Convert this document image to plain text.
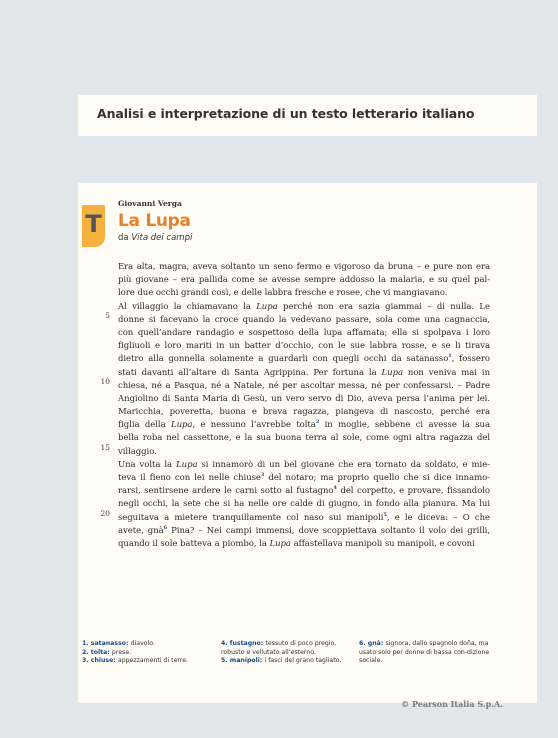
Analisi e interpretazione di un testo letterario italiano
T
Giovanni Verga
La Lupa
da Vita dei campi
5
10
15
20
Era alta, magra, aveva soltanto un seno fermo e vigoroso da bruna – e pure non era
più giovane – era pallida come se avesse sempre addosso la malaria, e su quel pal-
lore due occhi grandi così, e delle labbra fresche e rosee, che vi mangiavano.
Al villaggio la chiamavano la Lupa perché non era sazia giammai – di nulla. Le
donne si facevano la croce quando la vedevano passare, sola come una cagnaccia,
con quell’andare randagio e sospettoso della lupa affamata; ella si spolpava i loro
figliuoli e loro mariti in un batter d’occhio, con le sue labbra rosse, e se li tirava
dietro alla gonnella solamente a guardarli con quegli occhi da satanasso$^1$, fossero
stati davanti all’altare di Santa Agrippina. Per fortuna la Lupa non veniva mai in
chiesa, né a Pasqua, né a Natale, né per ascoltar messa, né per confessarsi. – Padre
Angiolino di Santa Maria di Gesù, un vero servo di Dio, aveva persa l’anima per lei.
Maricchia, poveretta, buona e brava ragazza, piangeva di nascosto, perché era
figlia della Lupa, e nessuno l’avrebbe tolta$^2$ in moglie, sebbene ci avesse la sua
bella roba nel cassettone, e la sua buona terra al sole, come ogni altra ragazza del
villaggio.
Una volta la Lupa si innamorò di un bel giovane che era tornato da soldato, e mie-
teva il fieno con lei nelle chiuse$^3$ del notaro; ma proprio quello che si dice innamo-
rarsi, sentirsene ardere le carni sotto al fustagno$^4$ del corpetto, e provare, fissandolo
negli occhi, la sete che si ha nelle ore calde di giugno, in fondo alla pianura. Ma lui
seguitava a mietere tranquillamente col naso sui manipoli$^5$, e le diceva: – O che
avete, gnà$^6$ Pina? – Nei campi immensi, dove scoppiettava soltanto il volo dei grilli,
quando il sole batteva a piombo, la Lupa affastellava manipoli su manipoli, e covoni
1. satanasso: diavolo.
2. tolta: presa.
3. chiuse: appezzamenti di terre.
4. fustagno: tessuto di poco pregio, robusto e vellutato all’esterno.
5. manipoli: i fasci del grano tagliato.
6. gnà: signora, dallo spagnolo doña, ma usato solo per donne di bassa con-dizione sociale.
© Pearson Italia S.p.A.
